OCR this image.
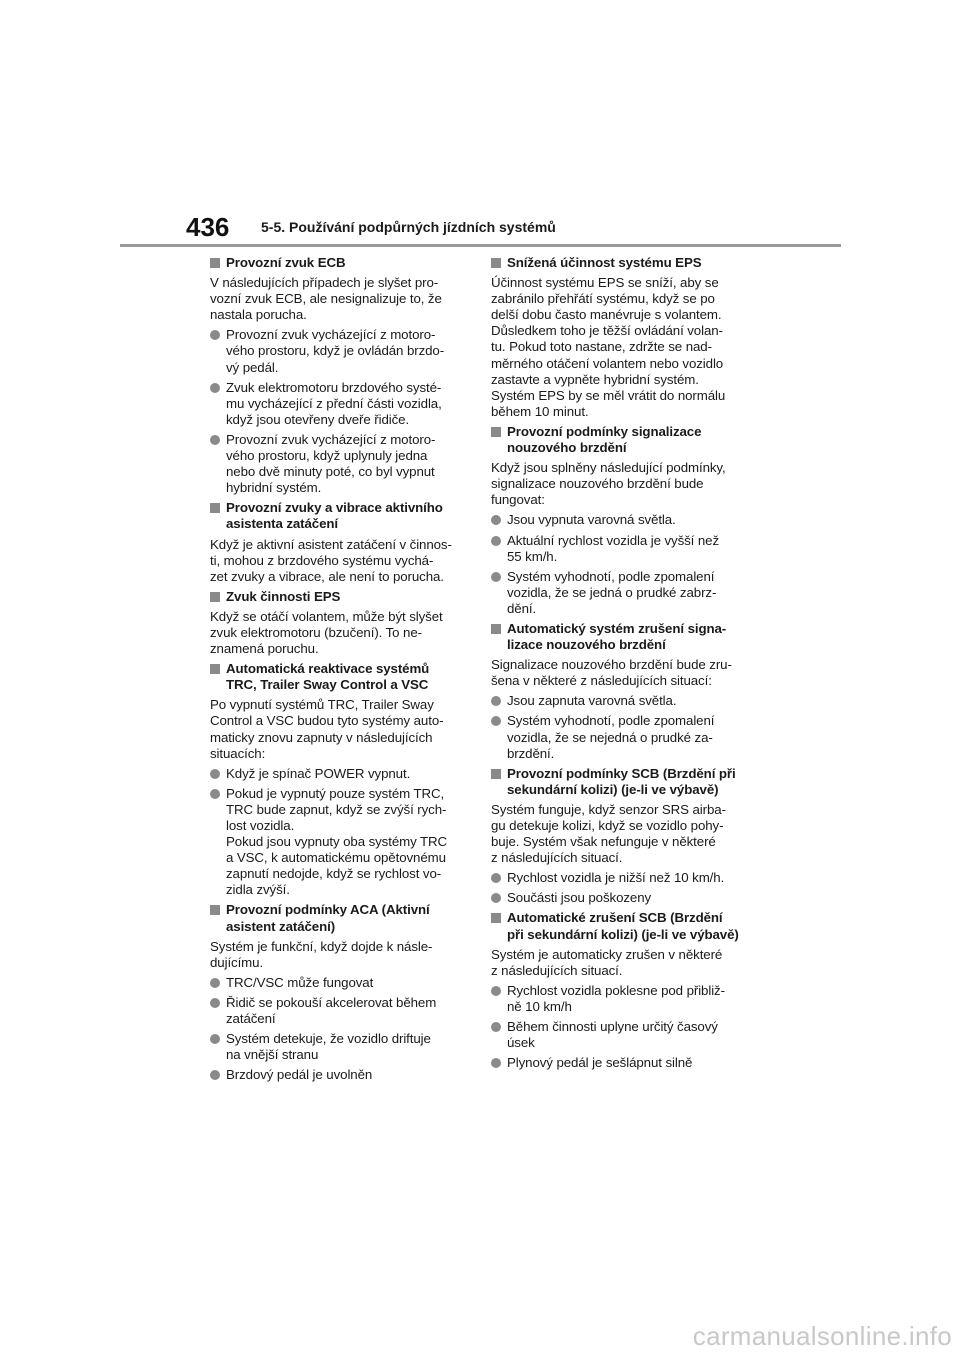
436 5-5. Používání podpůrných jízdních systémů
Provozní zvuk ECB
V následujících případech je slyšet pro-
vozní zvuk ECB, ale nesignalizuje to, že
nastala porucha.
Provozní zvuk vycházející z motoro-
vého prostoru, když je ovládán brzdo-
vý pedál.
Zvuk elektromotoru brzdového systé-
mu vycházející z přední části vozidla,
když jsou otevřeny dveře řidiče.
Provozní zvuk vycházející z motoro-
vého prostoru, když uplynuly jedna
nebo dvě minuty poté, co byl vypnut
hybridní systém.
Provozní zvuky a vibrace aktivního
asistenta zatáčení
Když je aktivní asistent zatáčení v činnos-
ti, mohou z brzdového systému vychá-
zet zvuky a vibrace, ale není to porucha.
Zvuk činnosti EPS
Když se otáčí volantem, může být slyšet
zvuk elektromotoru (bzučení). To ne-
znamená poruchu.
Automatická reaktivace systémů
TRC, Trailer Sway Control a VSC
Po vypnutí systémů TRC, Trailer Sway
Control a VSC budou tyto systémy auto-
maticky znovu zapnuty v následujících
situacích:
Když je spínač POWER vypnut.
Pokud je vypnutý pouze systém TRC,
TRC bude zapnut, když se zvýší rych-
lost vozidla.
Pokud jsou vypnuty oba systémy TRC
a VSC, k automatickému opětovnému
zapnutí nedojde, když se rychlost vo-
zidla zvýší.
Provozní podmínky ACA (Aktivní
asistent zatáčení)
Systém je funkční, když dojde k násle-
dujícímu.
TRC/VSC může fungovat
Řidič se pokouší akcelerovat během
zatáčení
Systém detekuje, že vozidlo driftuje
na vnější stranu
Brzdový pedál je uvolněn
Snížená účinnost systému EPS
Účinnost systému EPS se sníží, aby se
zabránilo přehřátí systému, když se po
delší dobu často manévruje s volantem.
Důsledkem toho je těžší ovládání volan-
tu. Pokud toto nastane, zdržte se nad-
měrného otáčení volantem nebo vozidlo
zastavte a vypněte hybridní systém.
Systém EPS by se měl vrátit do normálu
během 10 minut.
Provozní podmínky signalizace
nouzového brzdění
Když jsou splněny následující podmínky,
signalizace nouzového brzdění bude
fungovat:
Jsou vypnuta varovná světla.
Aktuální rychlost vozidla je vyšší než
55 km/h.
Systém vyhodnotí, podle zpomalení
vozidla, že se jedná o prudké zabrz-
dění.
Automatický systém zrušení signa-
lizace nouzového brzdění
Signalizace nouzového brzdění bude zru-
šena v některé z následujících situací:
Jsou zapnuta varovná světla.
Systém vyhodnotí, podle zpomalení
vozidla, že se nejedná o prudké za-
brzdění.
Provozní podmínky SCB (Brzdění při
sekundární kolizi) (je-li ve výbavě)
Systém funguje, když senzor SRS airba-
gu detekuje kolizi, když se vozidlo pohy-
buje. Systém však nefunguje v některé
z následujících situací.
Rychlost vozidla je nižší než 10 km/h.
Součásti jsou poškozeny
Automatické zrušení SCB (Brzdění
při sekundární kolizi) (je-li ve výbavě)
Systém je automaticky zrušen v některé
z následujících situací.
Rychlost vozidla poklesne pod přibliž-
ně 10 km/h
Během činnosti uplyne určitý časový
úsek
Plynový pedál je sešlápnut silně
carmanualsonline.info
